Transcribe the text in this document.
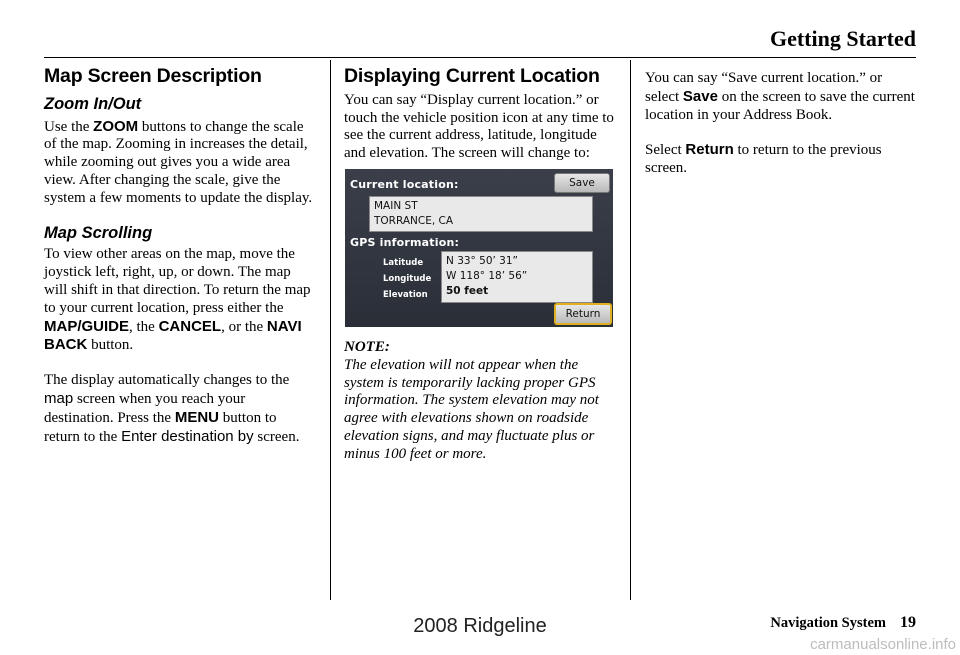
Getting Started
Map Screen Description
Zoom In/Out

Use the ZOOM buttons to change the scale of the map. Zooming in increases the detail, while zooming out gives you a wide area view. After changing the scale, give the system a few moments to update the display.

Map Scrolling

To view other areas on the map, move the joystick left, right, up, or down. The map will shift in that direction. To return the map to your current location, press either the MAP/GUIDE, the CANCEL, or the NAVI BACK button.

The display automatically changes to the map screen when you reach your destination. Press the MENU button to return to the Enter destination by screen.

Displaying Current Location

You can say “Display current location.” or touch the vehicle position icon at any time to see the current address, latitude, longitude and elevation. The screen will change to:

Current location:	Save
MAIN ST
TORRANCE, CA
GPS information:
Latitude
Longitude
Elevation
N 33° 50’ 31”
W 118° 18’ 56”
50 feet
Return

NOTE:

The elevation will not appear when the system is temporarily lacking proper GPS information. The system elevation may not agree with elevations shown on roadside elevation signs, and may fluctuate plus or minus 100 feet or more.

You can say “Save current location.” or select Save on the screen to save the current location in your Address Book.

Select Return to return to the previous screen.

2008 Ridgeline	Navigation System 19
carmanualsonline.info
